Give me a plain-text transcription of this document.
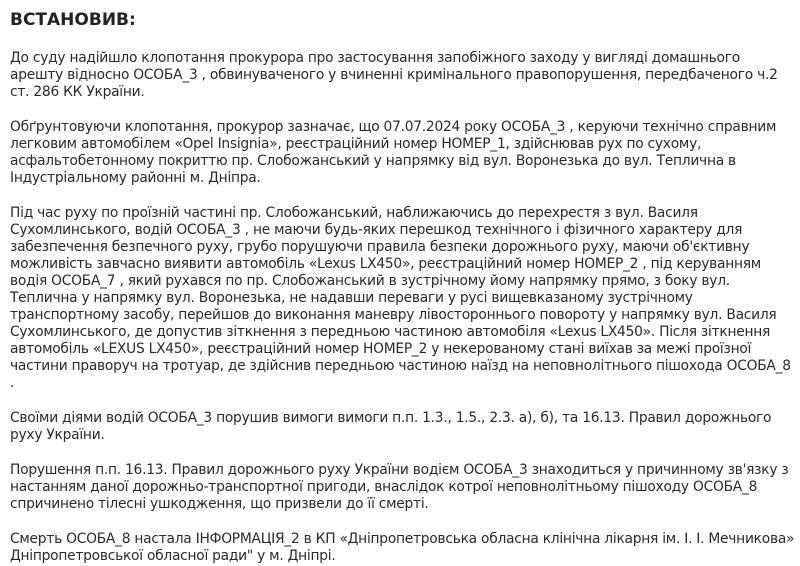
ВСТАНОВИВ:

До суду надійшло клопотання прокурора про застосування запобіжного заходу у вигляді домашнього арешту відносно ОСОБА_3 , обвинуваченого у вчиненні кримінального правопорушення, передбаченого ч.2 ст. 286 КК України.

Обґрунтовуючи клопотання, прокурор зазначає, що 07.07.2024 року ОСОБА_3 , керуючи технічно справним легковим автомобілем «Opel Insignia», реєстраційний номер НОМЕР_1, здійснював рух по сухому, асфальтобетонному покриттю пр. Слобожанський у напрямку від вул. Воронезька до вул. Теплична в Індустріальному районні м. Дніпра.

Під час руху по проїзній частині пр. Слобожанський, наближаючись до перехрестя з вул. Василя Сухомлинського, водій ОСОБА_3 , не маючи будь-яких перешкод технічного і фізичного характеру для забезпечення безпечного руху, грубо порушуючи правила безпеки дорожнього руху, маючи об'єктивну можливість завчасно виявити автомобіль «Lexus LX450», реєстраційний номер НОМЕР_2 , під керуванням водія ОСОБА_7 , який рухався по пр. Слобожанський в зустрічному йому напрямку прямо, з боку вул. Теплична у напрямку вул. Воронезька, не надавши переваги у русі вищевказаному зустрічному транспортному засобу, перейшов до виконання маневру лівостороннього повороту у напрямку вул. Василя Сухомлинського, де допустив зіткнення з передньою частиною автомобіля «Lexus LX450». Після зіткнення автомобіль «LEXUS LX450», реєстраційний номер НОМЕР_2 у некерованому стані виїхав за межі проїзної частини праворуч на тротуар, де здійснив передньою частиною наїзд на неповнолітнього пішохода ОСОБА_8 .

Своїми діями водій ОСОБА_3 порушив вимоги вимоги п.п. 1.3., 1.5., 2.3. а), б), та 16.13. Правил дорожнього руху України.

Порушення п.п. 16.13. Правил дорожнього руху України водієм ОСОБА_3 знаходиться у причинному зв'язку з настанням даної дорожньо-транспортної пригоди, внаслідок котрої неповнолітньому пішоходу ОСОБА_8 спричинено тілесні ушкодження, що призвели до її смерті.

Смерть ОСОБА_8 настала ІНФОРМАЦІЯ_2 в КП «Дніпропетровська обласна клінічна лікарня ім. І. І. Мечникова» Дніпропетровської обласної ради" у м. Дніпрі.
